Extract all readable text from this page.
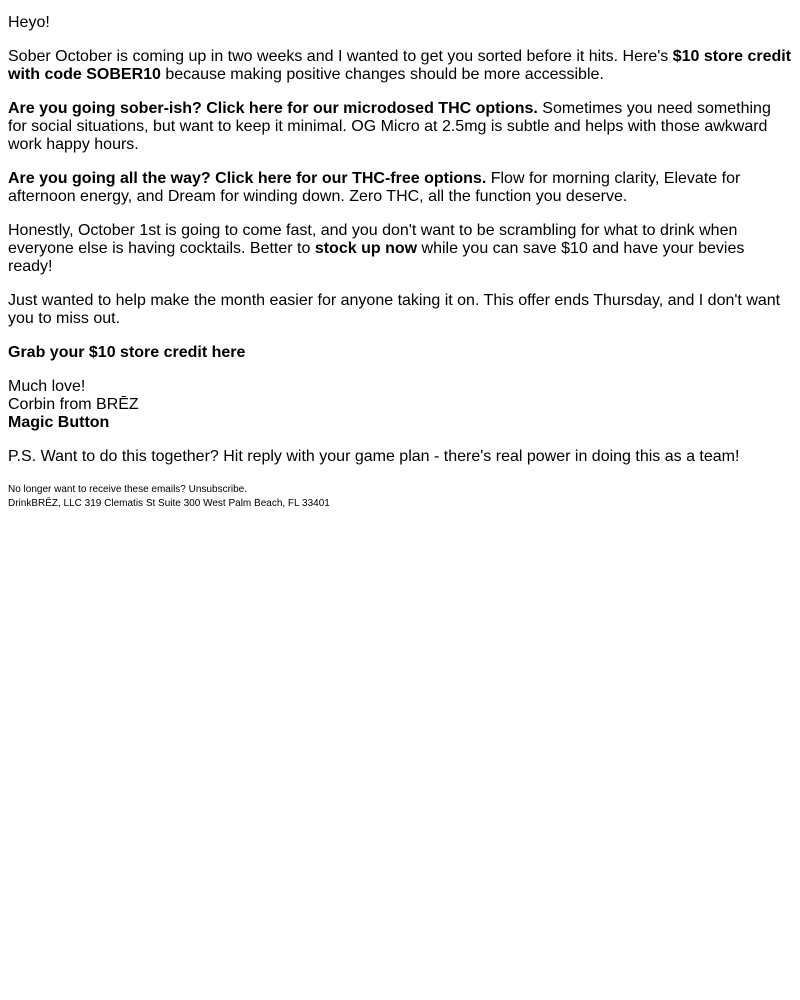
Heyo!

Sober October is coming up in two weeks and I wanted to get you sorted before it hits. Here's $10 store credit with code SOBER10 because making positive changes should be more accessible.

Are you going sober-ish? Click here for our microdosed THC options. Sometimes you need something for social situations, but want to keep it minimal. OG Micro at 2.5mg is subtle and helps with those awkward work happy hours.

Are you going all the way? Click here for our THC-free options. Flow for morning clarity, Elevate for afternoon energy, and Dream for winding down. Zero THC, all the function you deserve.

Honestly, October 1st is going to come fast, and you don't want to be scrambling for what to drink when everyone else is having cocktails. Better to stock up now while you can save $10 and have your bevies ready!

Just wanted to help make the month easier for anyone taking it on. This offer ends Thursday, and I don't want you to miss out.

Grab your $10 store credit here

Much love!
Corbin from BRĒZ
Magic Button

P.S. Want to do this together? Hit reply with your game plan - there's real power in doing this as a team!

No longer want to receive these emails? Unsubscribe.
DrinkBRĒZ, LLC 319 Clematis St Suite 300 West Palm Beach, FL 33401
